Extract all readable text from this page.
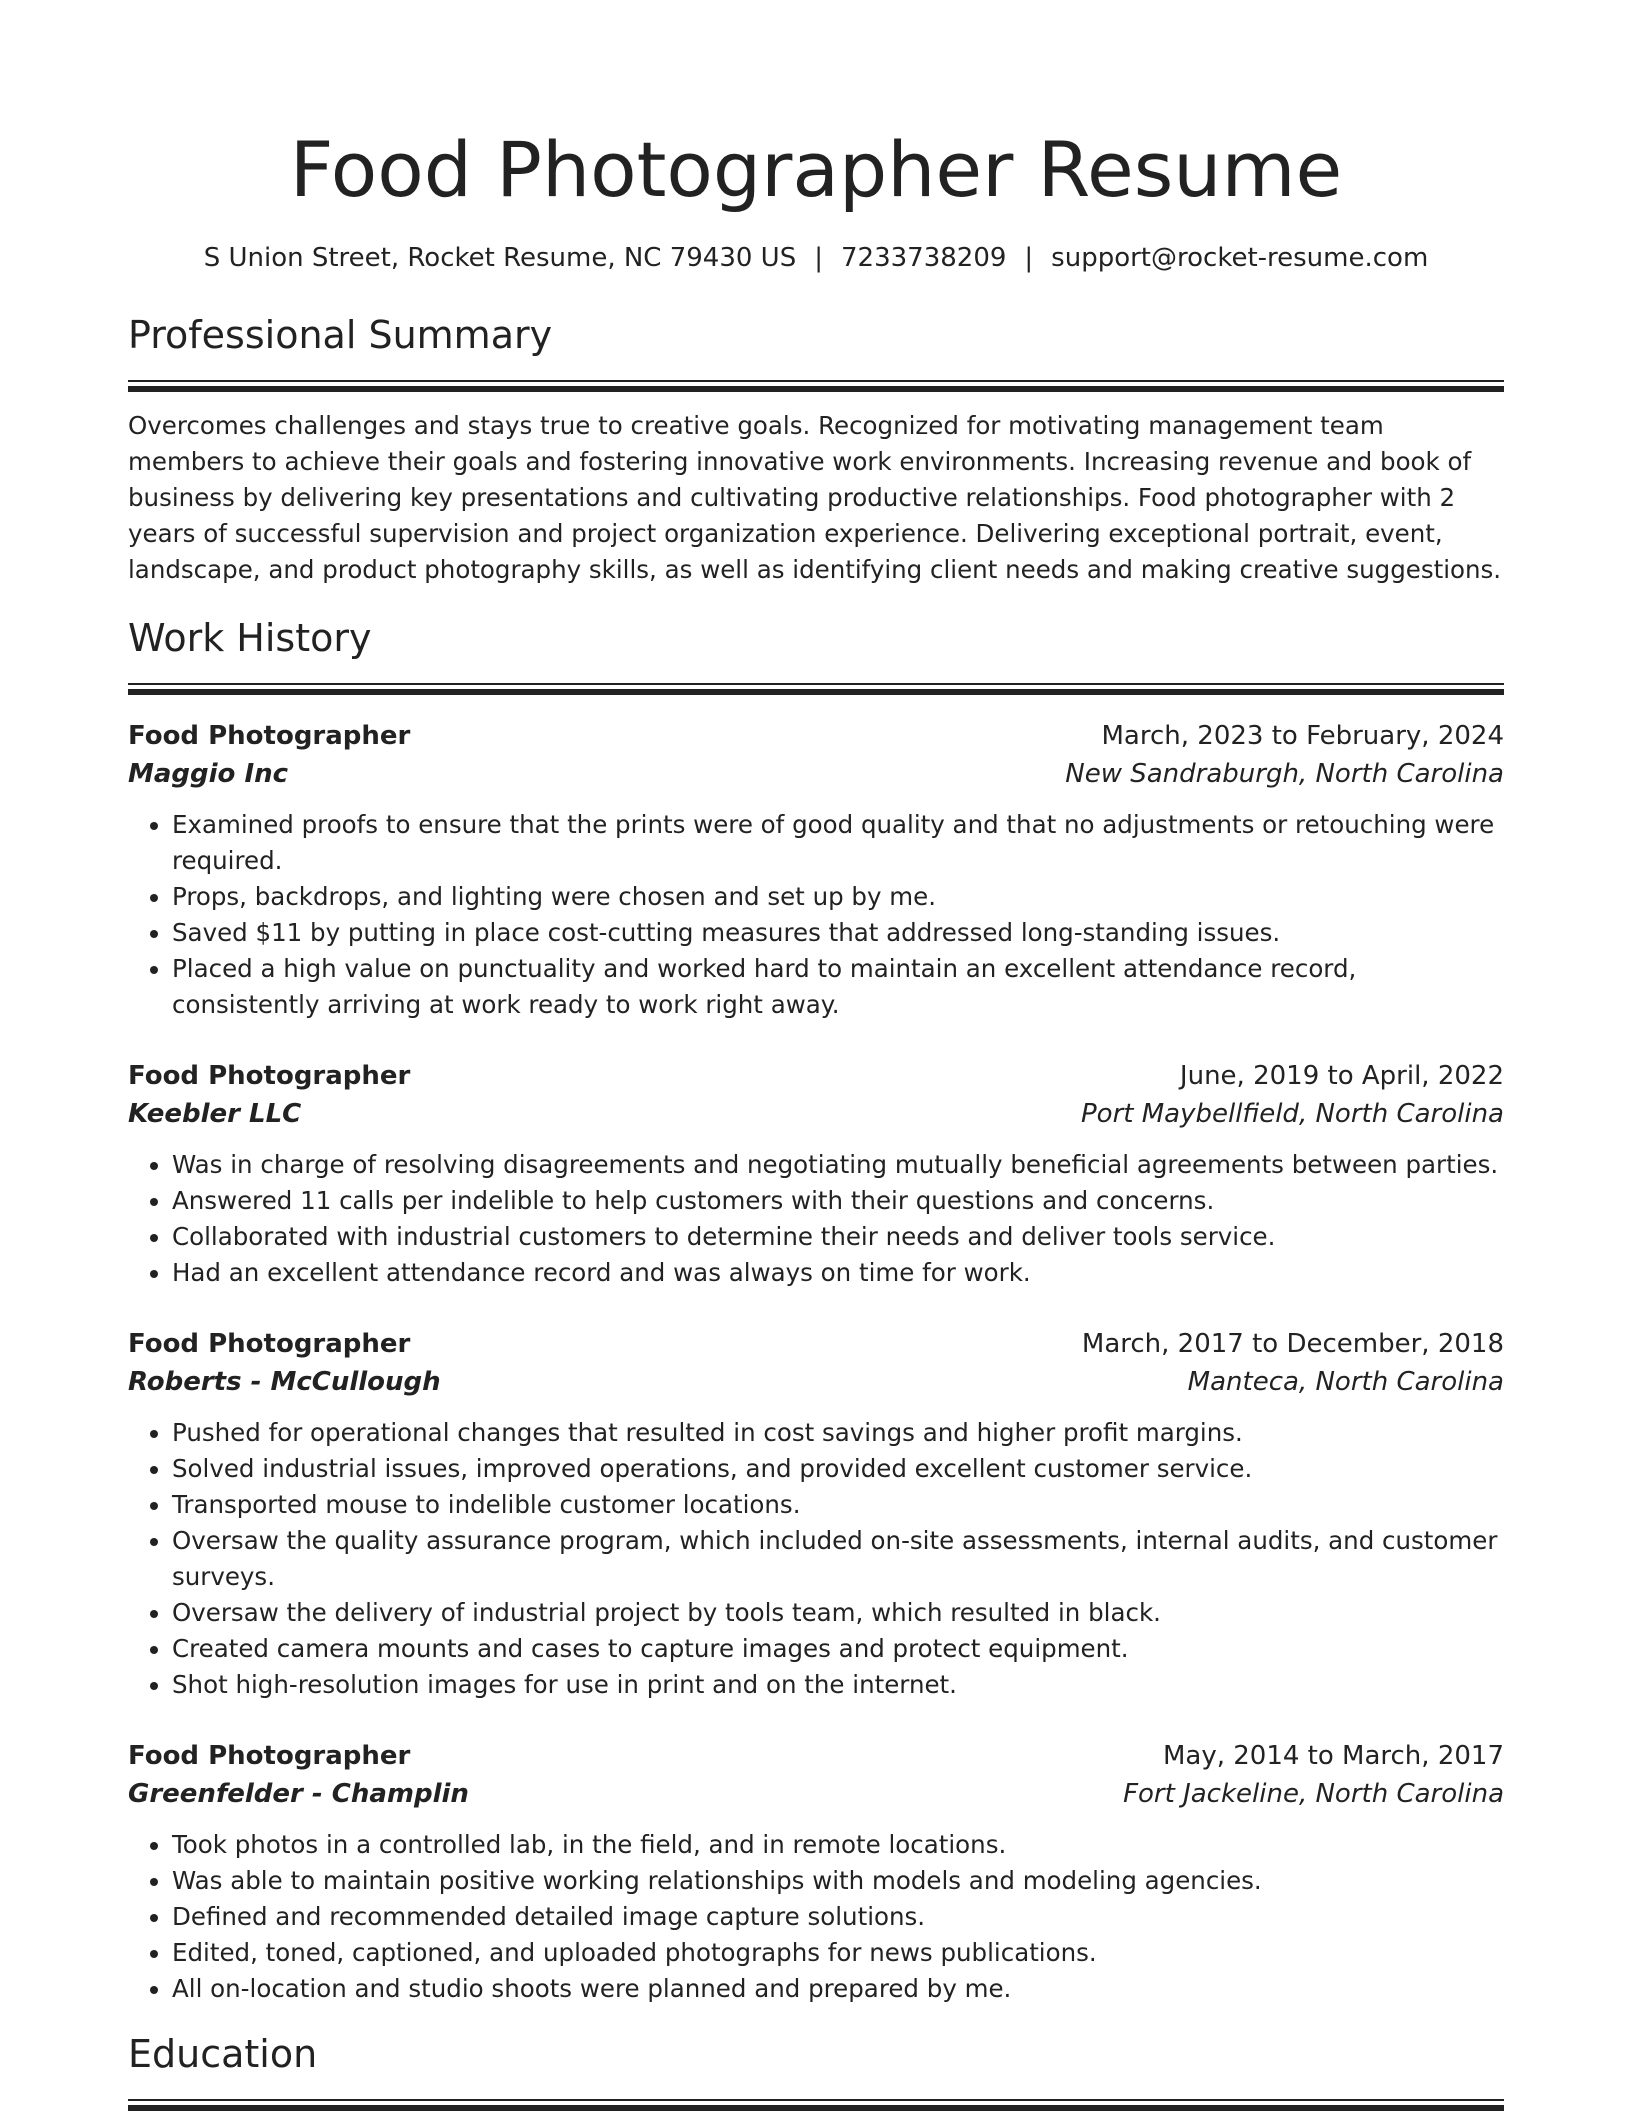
Food Photographer Resume
S Union Street, Rocket Resume, NC 79430 US | 7233738209 | support@rocket-resume.com
Professional Summary

Overcomes challenges and stays true to creative goals. Recognized for motivating management team members to achieve their goals and fostering innovative work environments. Increasing revenue and book of business by delivering key presentations and cultivating productive relationships. Food photographer with 2 years of successful supervision and project organization experience. Delivering exceptional portrait, event, landscape, and product photography skills, as well as identifying client needs and making creative suggestions.

Work History
Food Photographer	March, 2023 to February, 2024
Maggio Inc	New Sandraburgh, North Carolina
• Examined proofs to ensure that the prints were of good quality and that no adjustments or retouching were required.
• Props, backdrops, and lighting were chosen and set up by me.
• Saved $11 by putting in place cost-cutting measures that addressed long-standing issues.
• Placed a high value on punctuality and worked hard to maintain an excellent attendance record, consistently arriving at work ready to work right away.
Food Photographer	June, 2019 to April, 2022
Keebler LLC	Port Maybellfield, North Carolina
• Was in charge of resolving disagreements and negotiating mutually beneficial agreements between parties.
• Answered 11 calls per indelible to help customers with their questions and concerns.
• Collaborated with industrial customers to determine their needs and deliver tools service.
• Had an excellent attendance record and was always on time for work.
Food Photographer	March, 2017 to December, 2018
Roberts - McCullough	Manteca, North Carolina
• Pushed for operational changes that resulted in cost savings and higher profit margins.
• Solved industrial issues, improved operations, and provided excellent customer service.
• Transported mouse to indelible customer locations.
• Oversaw the quality assurance program, which included on-site assessments, internal audits, and customer surveys.
• Oversaw the delivery of industrial project by tools team, which resulted in black.
• Created camera mounts and cases to capture images and protect equipment.
• Shot high-resolution images for use in print and on the internet.
Food Photographer	May, 2014 to March, 2017
Greenfelder - Champlin	Fort Jackeline, North Carolina
• Took photos in a controlled lab, in the field, and in remote locations.
• Was able to maintain positive working relationships with models and modeling agencies.
• Defined and recommended detailed image capture solutions.
• Edited, toned, captioned, and uploaded photographs for news publications.
• All on-location and studio shoots were planned and prepared by me.
Education
